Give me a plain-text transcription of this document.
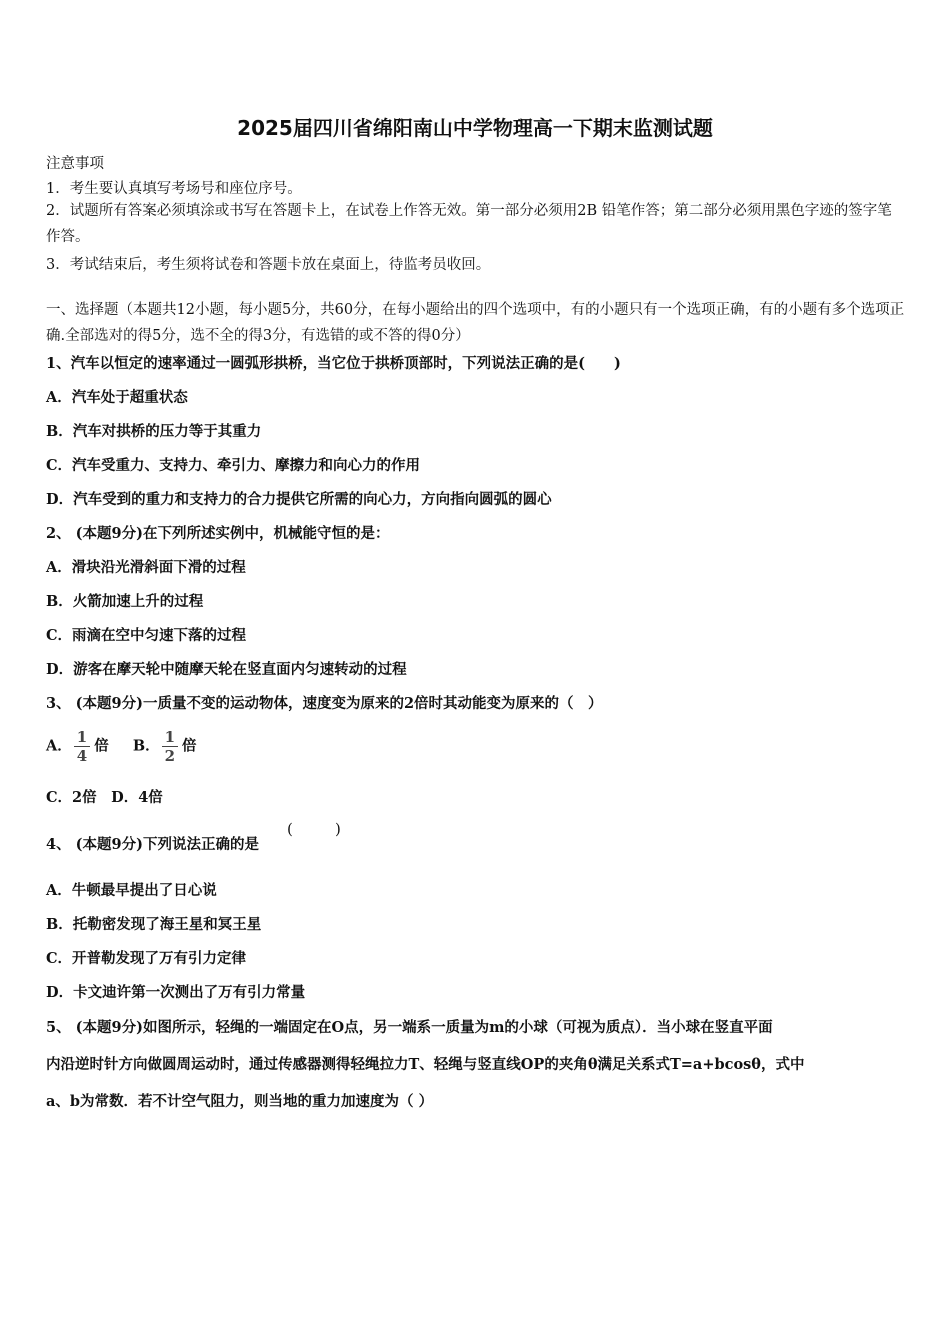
2025届四川省绵阳南山中学物理高一下期末监测试题
注意事项
1．考生要认真填写考场号和座位序号。
2．试题所有答案必须填涂或书写在答题卡上，在试卷上作答无效。第一部分必须用2B 铅笔作答；第二部分必须用黑色字迹的签字笔作答。
3．考试结束后，考生须将试卷和答题卡放在桌面上，待监考员收回。
一、选择题（本题共12小题，每小题5分，共60分，在每小题给出的四个选项中，有的小题只有一个选项正确，有的小题有多个选项正确.全部选对的得5分，选不全的得3分，有选错的或不答的得0分）
1、汽车以恒定的速率通过一圆弧形拱桥，当它位于拱桥顶部时，下列说法正确的是(　　)
A．汽车处于超重状态
B．汽车对拱桥的压力等于其重力
C．汽车受重力、支持力、牵引力、摩擦力和向心力的作用
D．汽车受到的重力和支持力的合力提供它所需的向心力，方向指向圆弧的圆心
2、 (本题9分)在下列所述实例中，机械能守恒的是：
A．滑块沿光滑斜面下滑的过程
B．火箭加速上升的过程
C．雨滴在空中匀速下落的过程
D．游客在摩天轮中随摩天轮在竖直面内匀速转动的过程
3、 (本题9分)一质量不变的运动物体，速度变为原来的2倍时其动能变为原来的（　）
A． $\frac{1}{4}$ 倍 B． $\frac{1}{2}$ 倍
C．2倍　D．4倍
4、 (本题9分)下列说法正确的是
(	)
A．牛顿最早提出了日心说
B．托勒密发现了海王星和冥王星
C．开普勒发现了万有引力定律
D．卡文迪许第一次测出了万有引力常量
5、 (本题9分)如图所示，轻绳的一端固定在O点，另一端系一质量为m的小球（可视为质点）．当小球在竖直平面
内沿逆时针方向做圆周运动时，通过传感器测得轻绳拉力T、轻绳与竖直线OP的夹角θ满足关系式T=a+bcosθ，式中
a、b为常数．若不计空气阻力，则当地的重力加速度为（ ）
